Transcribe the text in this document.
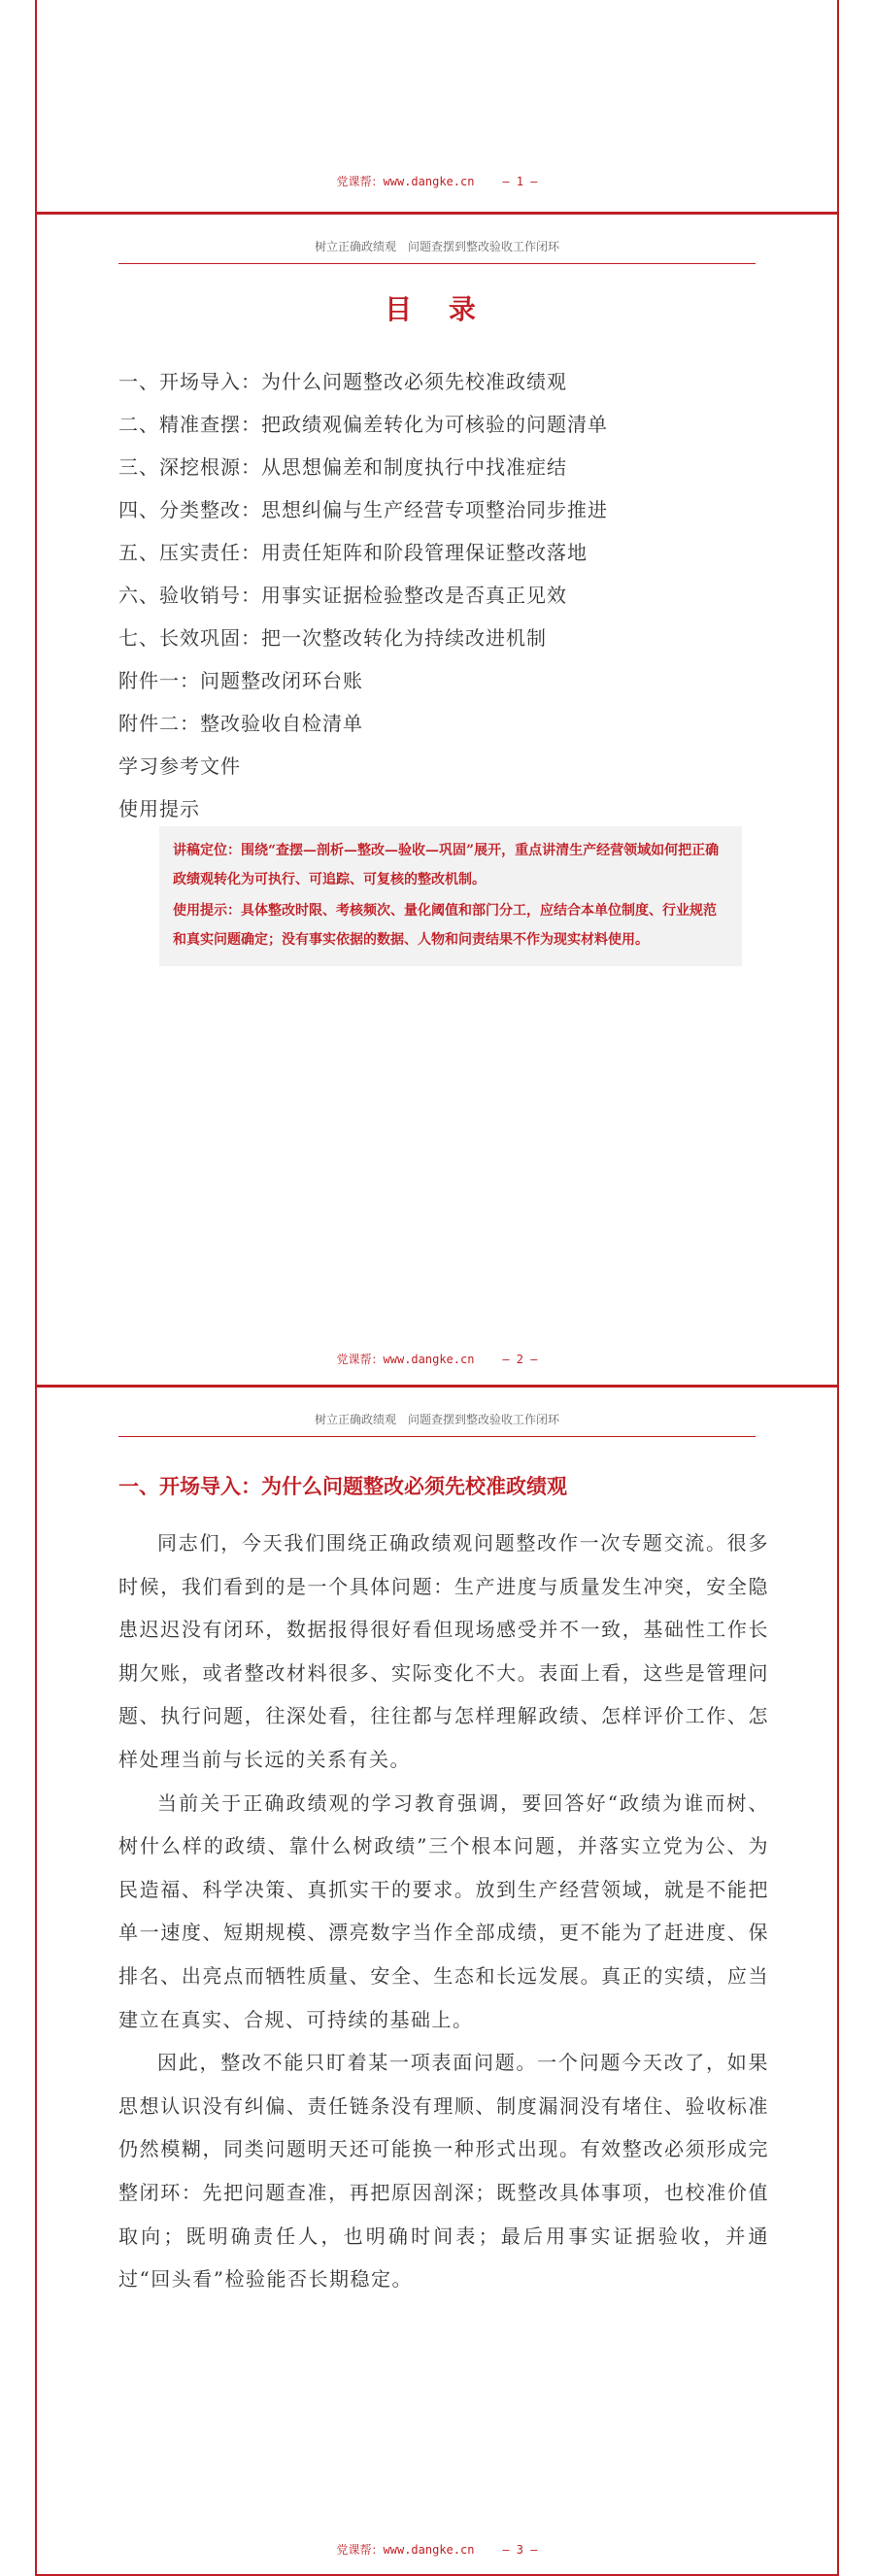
党课帮：www.dangke.cn — 1 —
树立正确政绩观　问题查摆到整改验收工作闭环
目 录
一、开场导入：为什么问题整改必须先校准政绩观
二、精准查摆：把政绩观偏差转化为可核验的问题清单
三、深挖根源：从思想偏差和制度执行中找准症结
四、分类整改：思想纠偏与生产经营专项整治同步推进
五、压实责任：用责任矩阵和阶段管理保证整改落地
六、验收销号：用事实证据检验整改是否真正见效
七、长效巩固：把一次整改转化为持续改进机制
附件一：问题整改闭环台账
附件二：整改验收自检清单
学习参考文件
使用提示

讲稿定位：围绕“查摆—剖析—整改—验收—巩固”展开，重点讲清生产经营领域如何把正确政绩观转化为可执行、可追踪、可复核的整改机制。

使用提示：具体整改时限、考核频次、量化阈值和部门分工，应结合本单位制度、行业规范和真实问题确定；没有事实依据的数据、人物和问责结果不作为现实材料使用。

党课帮：www.dangke.cn — 2 —
树立正确政绩观　问题查摆到整改验收工作闭环
一、开场导入：为什么问题整改必须先校准政绩观

同志们，今天我们围绕正确政绩观问题整改作一次专题交流。很多时候，我们看到的是一个具体问题：生产进度与质量发生冲突，安全隐患迟迟没有闭环，数据报得很好看但现场感受并不一致，基础性工作长期欠账，或者整改材料很多、实际变化不大。表面上看，这些是管理问题、执行问题，往深处看，往往都与怎样理解政绩、怎样评价工作、怎样处理当前与长远的关系有关。

当前关于正确政绩观的学习教育强调，要回答好“政绩为谁而树、树什么样的政绩、靠什么树政绩”三个根本问题，并落实立党为公、为民造福、科学决策、真抓实干的要求。放到生产经营领域，就是不能把单一速度、短期规模、漂亮数字当作全部成绩，更不能为了赶进度、保排名、出亮点而牺牲质量、安全、生态和长远发展。真正的实绩，应当建立在真实、合规、可持续的基础上。

因此，整改不能只盯着某一项表面问题。一个问题今天改了，如果思想认识没有纠偏、责任链条没有理顺、制度漏洞没有堵住、验收标准仍然模糊，同类问题明天还可能换一种形式出现。有效整改必须形成完整闭环：先把问题查准，再把原因剖深；既整改具体事项，也校准价值取向；既明确责任人，也明确时间表；最后用事实证据验收，并通过“回头看”检验能否长期稳定。

党课帮：www.dangke.cn — 3 —
